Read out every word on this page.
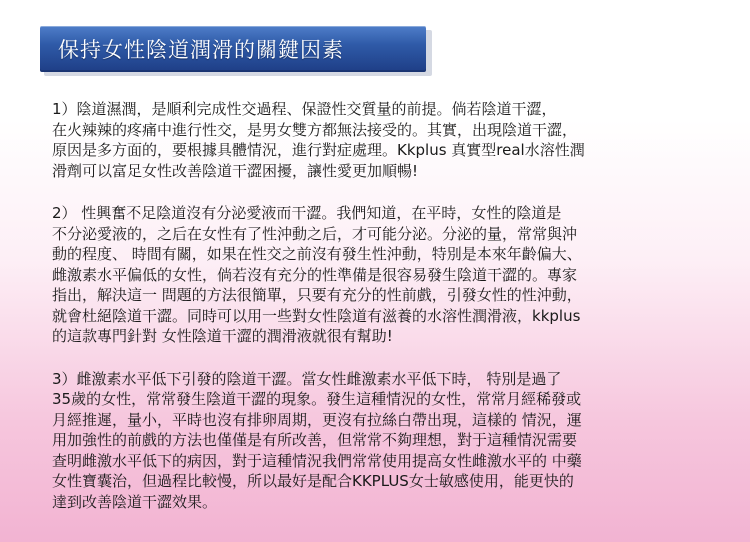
保持女性陰道潤滑的關鍵因素

1）陰道濕潤，是順利完成性交過程、保證性交質量的前提。倘若陰道干澀，
在火辣辣的疼痛中進行性交，是男女雙方都無法接受的。其實，出現陰道干澀，
原因是多方面的，要根據具體情況，進行對症處理。Kkplus 真實型real水溶性潤
滑劑可以富足女性改善陰道干澀困擾，讓性愛更加順暢!

2） 性興奮不足陰道沒有分泌愛液而干澀。我們知道，在平時，女性的陰道是
不分泌愛液的，之后在女性有了性沖動之后，才可能分泌。分泌的量，常常與沖
動的程度、 時間有關，如果在性交之前沒有發生性沖動，特別是本來年齡偏大、
雌激素水平偏低的女性，倘若沒有充分的性準備是很容易發生陰道干澀的。專家
指出，解決這一 問題的方法很簡單，只要有充分的性前戲，引發女性的性沖動，
就會杜絕陰道干澀。同時可以用一些對女性陰道有滋養的水溶性潤滑液，kkplus
的這款專門針對 女性陰道干澀的潤滑液就很有幫助!

3）雌激素水平低下引發的陰道干澀。當女性雌激素水平低下時， 特別是過了
35歲的女性，常常發生陰道干澀的現象。發生這種情況的女性，常常月經稀發或
月經推遲，量小，平時也沒有排卵周期，更沒有拉絲白帶出現，這樣的 情況，運
用加強性的前戲的方法也僅僅是有所改善，但常常不夠理想，對于這種情況需要
查明雌激水平低下的病因，對于這種情況我們常常使用提高女性雌激水平的 中藥
女性寶囊治，但過程比較慢，所以最好是配合KKPLUS女士敏感使用，能更快的
達到改善陰道干澀效果。
